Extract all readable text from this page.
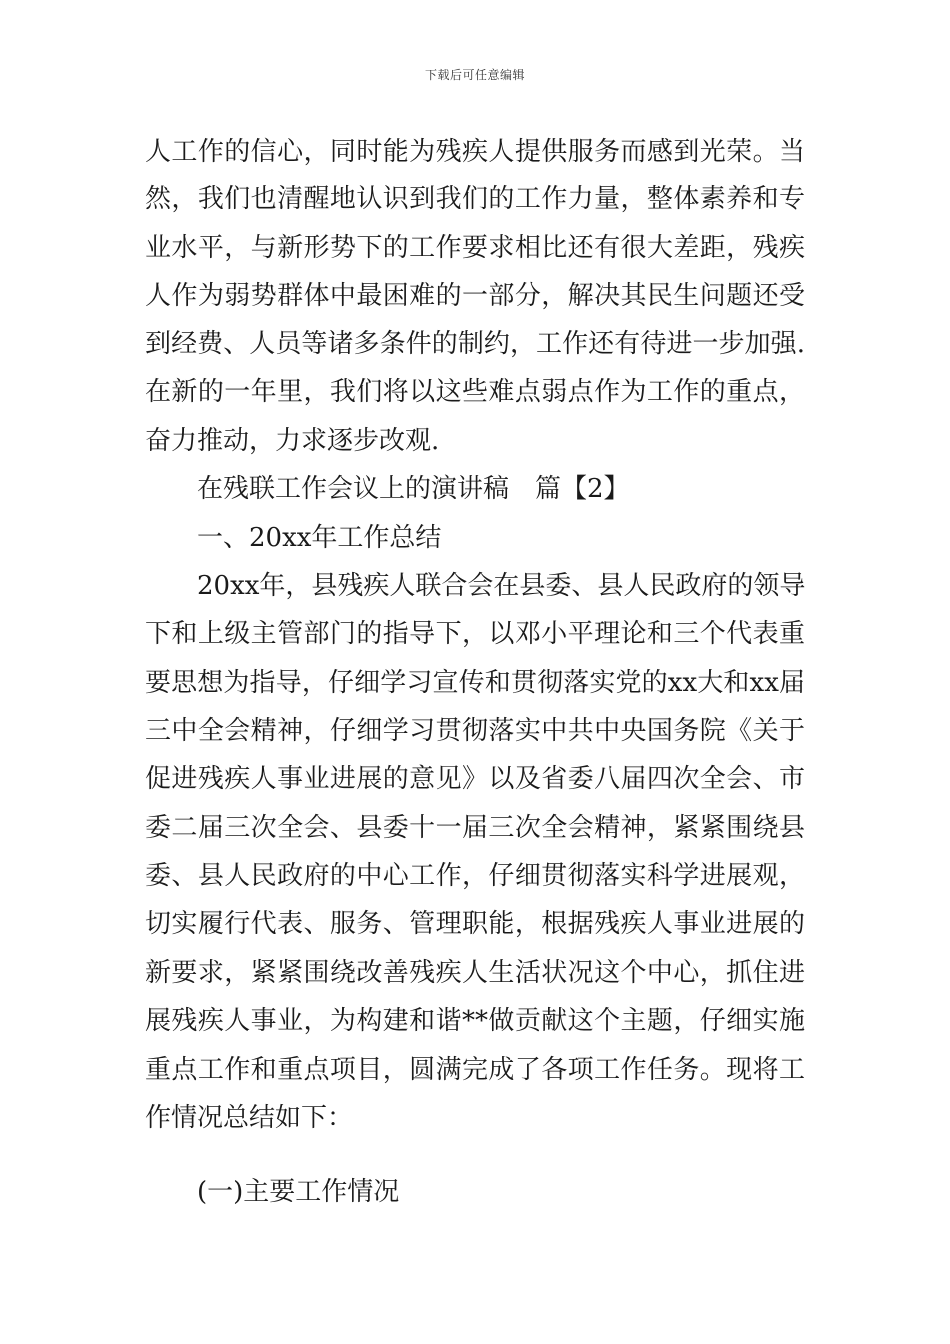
下载后可任意编辑
人工作的信心，同时能为残疾人提供服务而感到光荣。当
然，我们也清醒地认识到我们的工作力量，整体素养和专
业水平，与新形势下的工作要求相比还有很大差距，残疾
人作为弱势群体中最困难的一部分，解决其民生问题还受
到经费、人员等诸多条件的制约，工作还有待进一步加强.
在新的一年里，我们将以这些难点弱点作为工作的重点，
奋力推动，力求逐步改观.
在残联工作会议上的演讲稿　篇【2】
一、20xx年工作总结
20xx年，县残疾人联合会在县委、县人民政府的领导
下和上级主管部门的指导下，以邓小平理论和三个代表重
要思想为指导，仔细学习宣传和贯彻落实党的xx大和xx届
三中全会精神，仔细学习贯彻落实中共中央国务院《关于
促进残疾人事业进展的意见》以及省委八届四次全会、市
委二届三次全会、县委十一届三次全会精神，紧紧围绕县
委、县人民政府的中心工作，仔细贯彻落实科学进展观，
切实履行代表、服务、管理职能，根据残疾人事业进展的
新要求，紧紧围绕改善残疾人生活状况这个中心，抓住进
展残疾人事业，为构建和谐**做贡献这个主题，仔细实施
重点工作和重点项目，圆满完成了各项工作任务。现将工
作情况总结如下：
(一)主要工作情况
